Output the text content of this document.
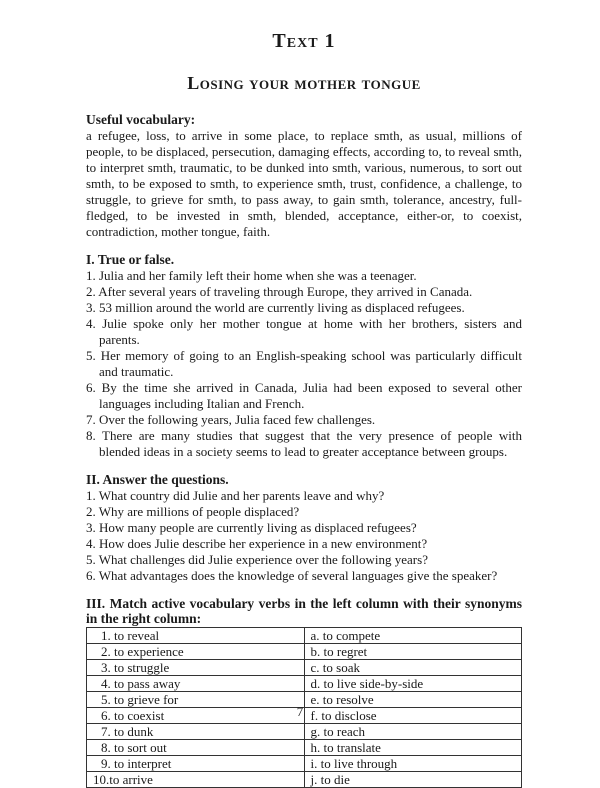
Text 1
Losing your mother tongue
Useful vocabulary:
a refugee, loss, to arrive in some place, to replace smth, as usual, millions of people, to be displaced, persecution, damaging effects, according to, to reveal smth, to interpret smth, traumatic, to be dunked into smth, various, numerous, to sort out smth, to be exposed to smth, to experience smth, trust, confidence, a challenge, to struggle, to grieve for smth, to pass away, to gain smth, tolerance, ancestry, full-fledged, to be invested in smth, blended, acceptance, either-or, to coexist, contradiction, mother tongue, faith.
I. True or false.
1. Julia and her family left their home when she was a teenager.
2. After several years of traveling through Europe, they arrived in Canada.
3. 53 million around the world are currently living as displaced refugees.
4. Julie spoke only her mother tongue at home with her brothers, sisters and parents.
5. Her memory of going to an English-speaking school was particularly difficult and traumatic.
6. By the time she arrived in Canada, Julia had been exposed to several other languages including Italian and French.
7. Over the following years, Julia faced few challenges.
8. There are many studies that suggest that the very presence of people with blended ideas in a society seems to lead to greater acceptance between groups.
II. Answer the questions.
1. What country did Julie and her parents leave and why?
2. Why are millions of people displaced?
3. How many people are currently living as displaced refugees?
4. How does Julie describe her experience in a new environment?
5. What challenges did Julie experience over the following years?
6. What advantages does the knowledge of several languages give the speaker?
III. Match active vocabulary verbs in the left column with their synonyms in the right column:
1. to reveal	a. to compete
2. to experience	b. to regret
3. to struggle	c. to soak
4. to pass away	d. to live side-by-side
5. to grieve for	e. to resolve
6. to coexist	f. to disclose
7. to dunk	g. to reach
8. to sort out	h. to translate
9. to interpret	i. to live through
10.to arrive	j. to die
7
